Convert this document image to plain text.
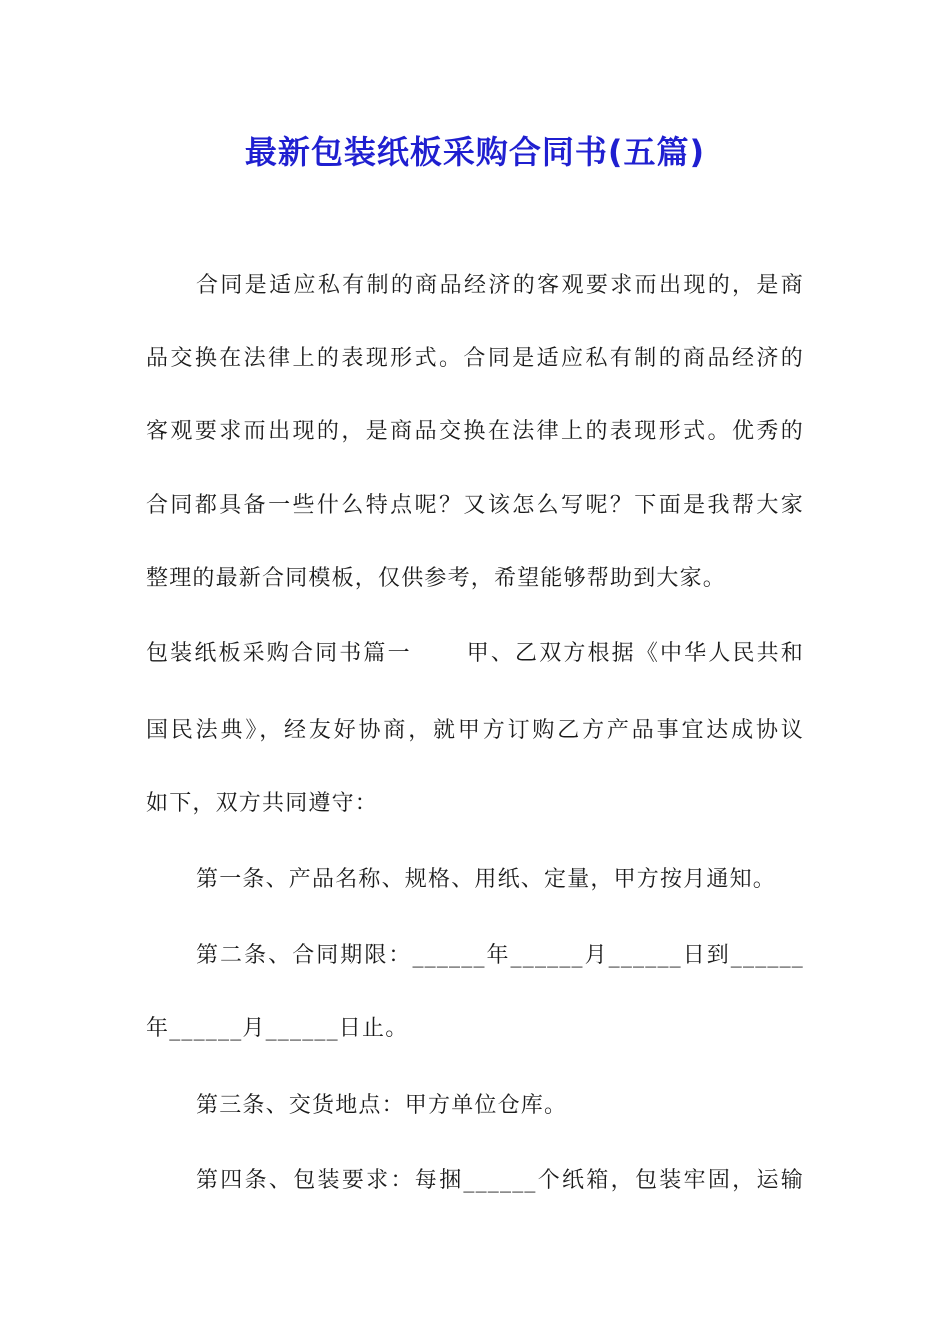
最新包装纸板采购合同书(五篇)
合同是适应私有制的商品经济的客观要求而出现的，是商
品交换在法律上的表现形式。合同是适应私有制的商品经济的
客观要求而出现的，是商品交换在法律上的表现形式。优秀的
合同都具备一些什么特点呢？又该怎么写呢？下面是我帮大家
整理的最新合同模板，仅供参考，希望能够帮助到大家。
包装纸板采购合同书篇一 甲、乙双方根据《中华人民共和
国民法典》，经友好协商，就甲方订购乙方产品事宜达成协议
如下，双方共同遵守：
第一条、产品名称、规格、用纸、定量，甲方按月通知。
第二条、合同期限：______年______月______日到______
年______月______日止。
第三条、交货地点：甲方单位仓库。
第四条、包装要求：每捆______个纸箱，包装牢固，运输
